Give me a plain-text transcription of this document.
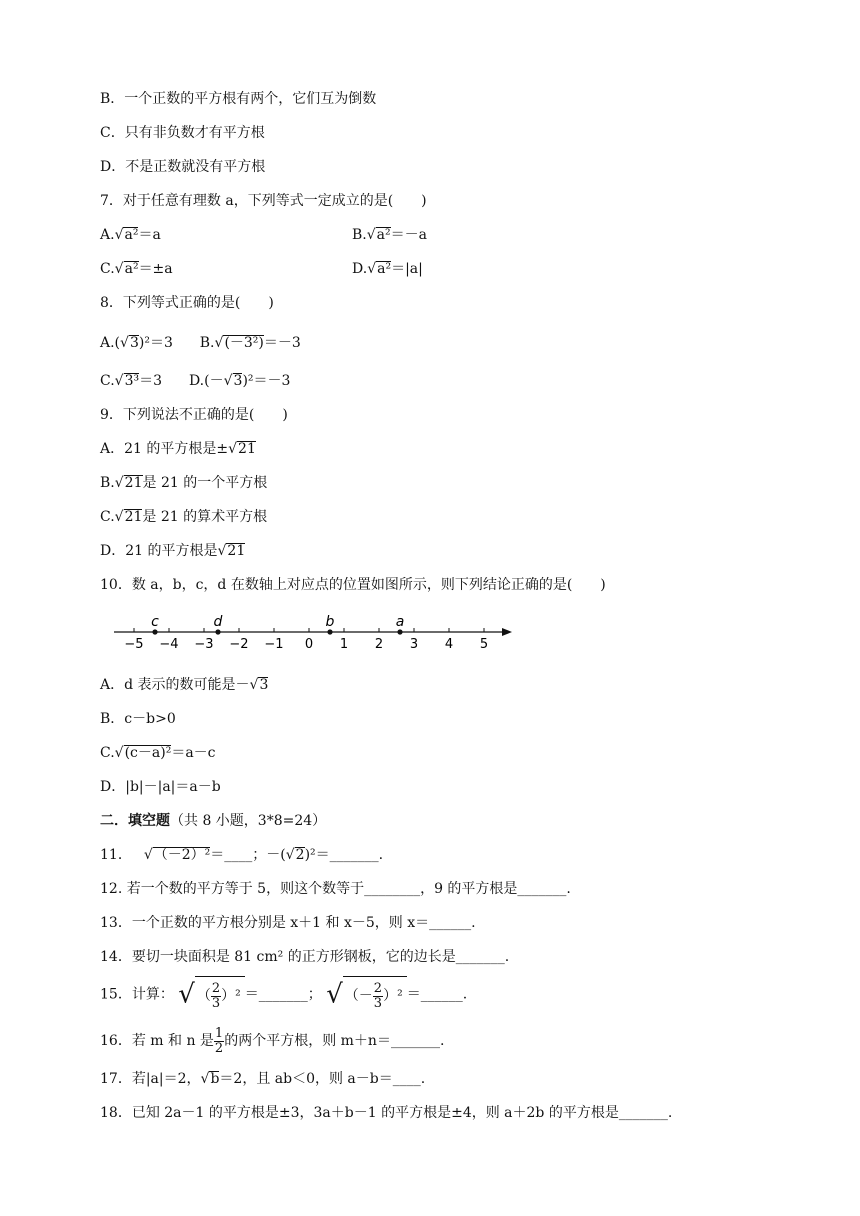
B．一个正数的平方根有两个，它们互为倒数
C．只有非负数才有平方根
D．不是正数就没有平方根
7．对于任意有理数 a，下列等式一定成立的是(　　)
A.√a²＝a	B.√a²＝－a
C.√a²＝±a	D.√a²＝|a|
8．下列等式正确的是(　　)
A.(√3)²＝3 B.√(－3²)＝－3
C.√3³＝3 D.(－√3)²＝－3
9．下列说法不正确的是(　　)
A．21 的平方根是±√21
B.√21是 21 的一个平方根
C.√21是 21 的算术平方根
D．21 的平方根是√21
10．数 a，b，c，d 在数轴上对应点的位置如图所示，则下列结论正确的是(　　)
−5 −4 −3 −2 −1 0 1 2 3 4 5
c	d	b	a
A．d 表示的数可能是－√3
B．c－b>0
C.√(c－a)²＝a－c
D．|b|－|a|＝a－b
二．填空题（共 8 小题，3*8=24）
11． √（－2）²＝____；－(√2)²＝_______.
12. 若一个数的平方等于 5，则这个数等于________，9 的平方根是_______.
13．一个正数的平方根分别是 x＋1 和 x－5，则 x＝______.
14．要切一块面积是 81 cm² 的正方形钢板，它的边长是_______.
15．计算： √ （ $\frac{2}{3} )^2$ ＝_______； √ （－ $\frac{2}{3} )^2$ ＝______.
16．若 m 和 n 是 $\frac{1}{2}$ 的两个平方根，则 m＋n＝_______.
17．若|a|＝2，√b＝2，且 ab＜0，则 a－b＝____.
18．已知 2a－1 的平方根是±3，3a＋b－1 的平方根是±4，则 a＋2b 的平方根是_______.
